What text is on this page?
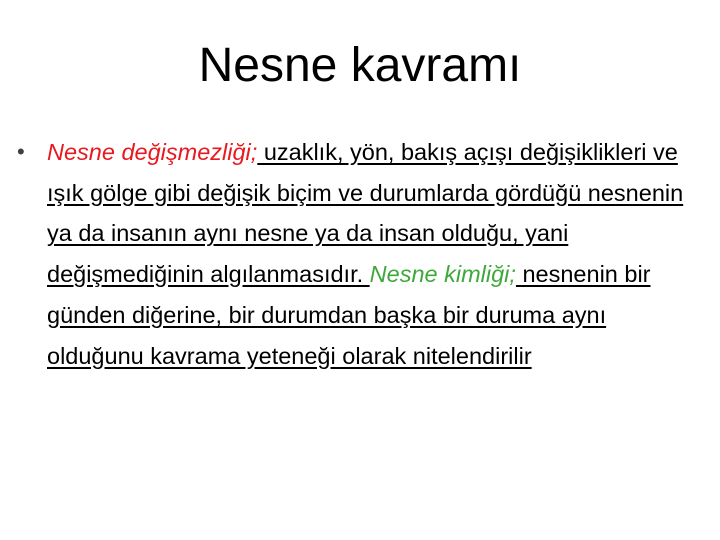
Nesne kavramı
• Nesne değişmezliği; uzaklık, yön, bakış açışı değişiklikleri ve ışık gölge gibi değişik biçim ve durumlarda gördüğü nesnenin ya da insanın aynı nesne ya da insan olduğu, yani değişmediğinin algılanmasıdır. Nesne kimliği; nesnenin bir günden diğerine, bir durumdan başka bir duruma aynı olduğunu kavrama yeteneği olarak nitelendirilir
